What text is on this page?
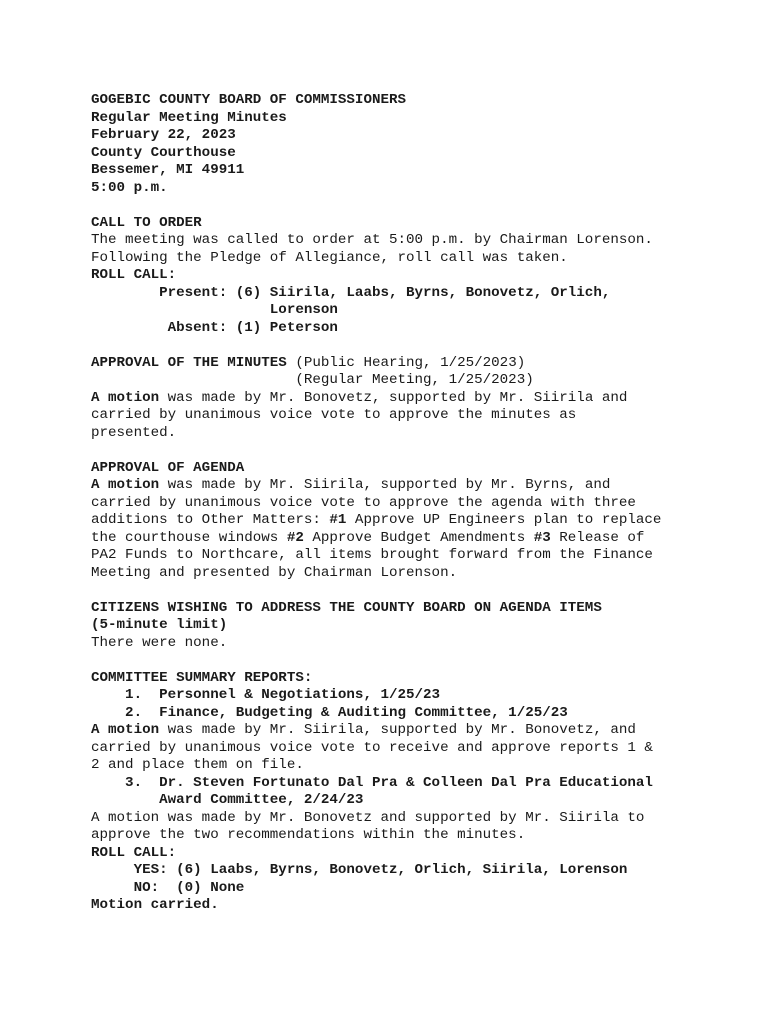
GOGEBIC COUNTY BOARD OF COMMISSIONERS
Regular Meeting Minutes
February 22, 2023
County Courthouse
Bessemer, MI 49911
5:00 p.m.
CALL TO ORDER
The meeting was called to order at 5:00 p.m. by Chairman Lorenson.
Following the Pledge of Allegiance, roll call was taken.
ROLL CALL:
Present: (6) Siirila, Laabs, Byrns, Bonovetz, Orlich,
Lorenson
Absent: (1) Peterson
APPROVAL OF THE MINUTES (Public Hearing, 1/25/2023)
(Regular Meeting, 1/25/2023)
A motion was made by Mr. Bonovetz, supported by Mr. Siirila and
carried by unanimous voice vote to approve the minutes as
presented.
APPROVAL OF AGENDA
A motion was made by Mr. Siirila, supported by Mr. Byrns, and
carried by unanimous voice vote to approve the agenda with three
additions to Other Matters: #1 Approve UP Engineers plan to replace
the courthouse windows #2 Approve Budget Amendments #3 Release of
PA2 Funds to Northcare, all items brought forward from the Finance
Meeting and presented by Chairman Lorenson.
CITIZENS WISHING TO ADDRESS THE COUNTY BOARD ON AGENDA ITEMS
(5-minute limit)
There were none.
COMMITTEE SUMMARY REPORTS:
1.  Personnel & Negotiations, 1/25/23
2.  Finance, Budgeting & Auditing Committee, 1/25/23
A motion was made by Mr. Siirila, supported by Mr. Bonovetz, and
carried by unanimous voice vote to receive and approve reports 1 &
2 and place them on file.
3.  Dr. Steven Fortunato Dal Pra & Colleen Dal Pra Educational
Award Committee, 2/24/23
A motion was made by Mr. Bonovetz and supported by Mr. Siirila to
approve the two recommendations within the minutes.
ROLL CALL:
YES: (6) Laabs, Byrns, Bonovetz, Orlich, Siirila, Lorenson
NO:  (0) None
Motion carried.
